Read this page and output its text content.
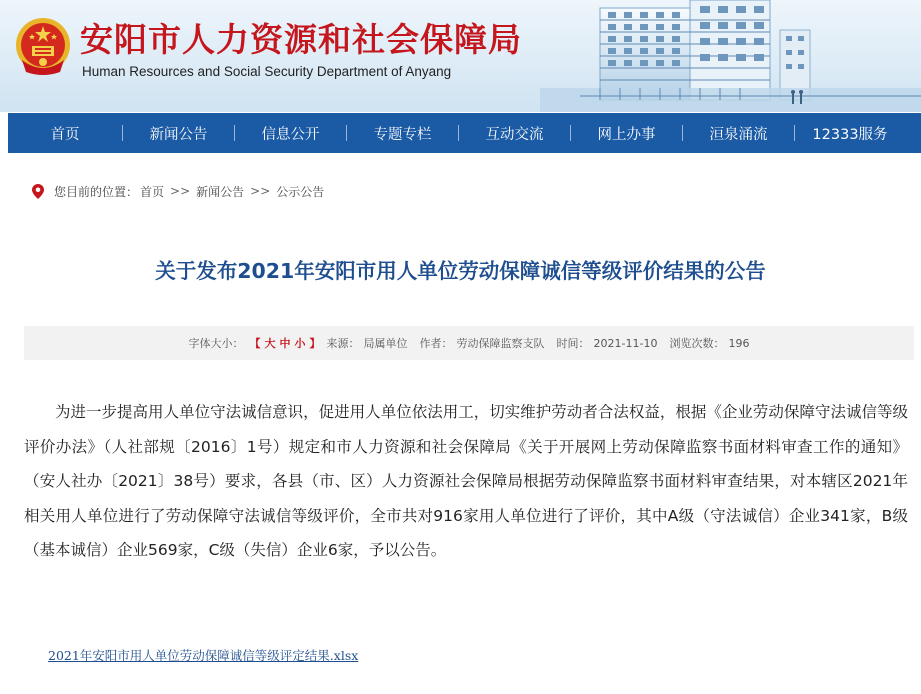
安阳市人力资源和社会保障局
Human Resources and Social Security Department of Anyang
首页	新闻公告	信息公开	专题专栏	互动交流	网上办事	洹泉涌流	12333服务
您目前的位置： 首页 >> 新闻公告 >> 公示公告
关于发布2021年安阳市用人单位劳动保障诚信等级评价结果的公告
字体大小： 【 大 中 小 】 来源： 局属单位 作者： 劳动保障监察支队 时间： 2021-11-10 浏览次数： 196
为进一步提高用人单位守法诚信意识，促进用人单位依法用工，切实维护劳动者合法权益，根据《企业劳动保障守法诚信等级评价办法》（人社部规〔2016〕1号）规定和市人力资源和社会保障局《关于开展网上劳动保障监察书面材料审查工作的通知》（安人社办〔2021〕38号）要求，各县（市、区）人力资源社会保障局根据劳动保障监察书面材料审查结果，对本辖区2021年相关用人单位进行了劳动保障守法诚信等级评价，全市共对916家用人单位进行了评价，其中A级（守法诚信）企业341家，B级（基本诚信）企业569家，C级（失信）企业6家，予以公告。
2021年安阳市用人单位劳动保障诚信等级评定结果.xlsx
